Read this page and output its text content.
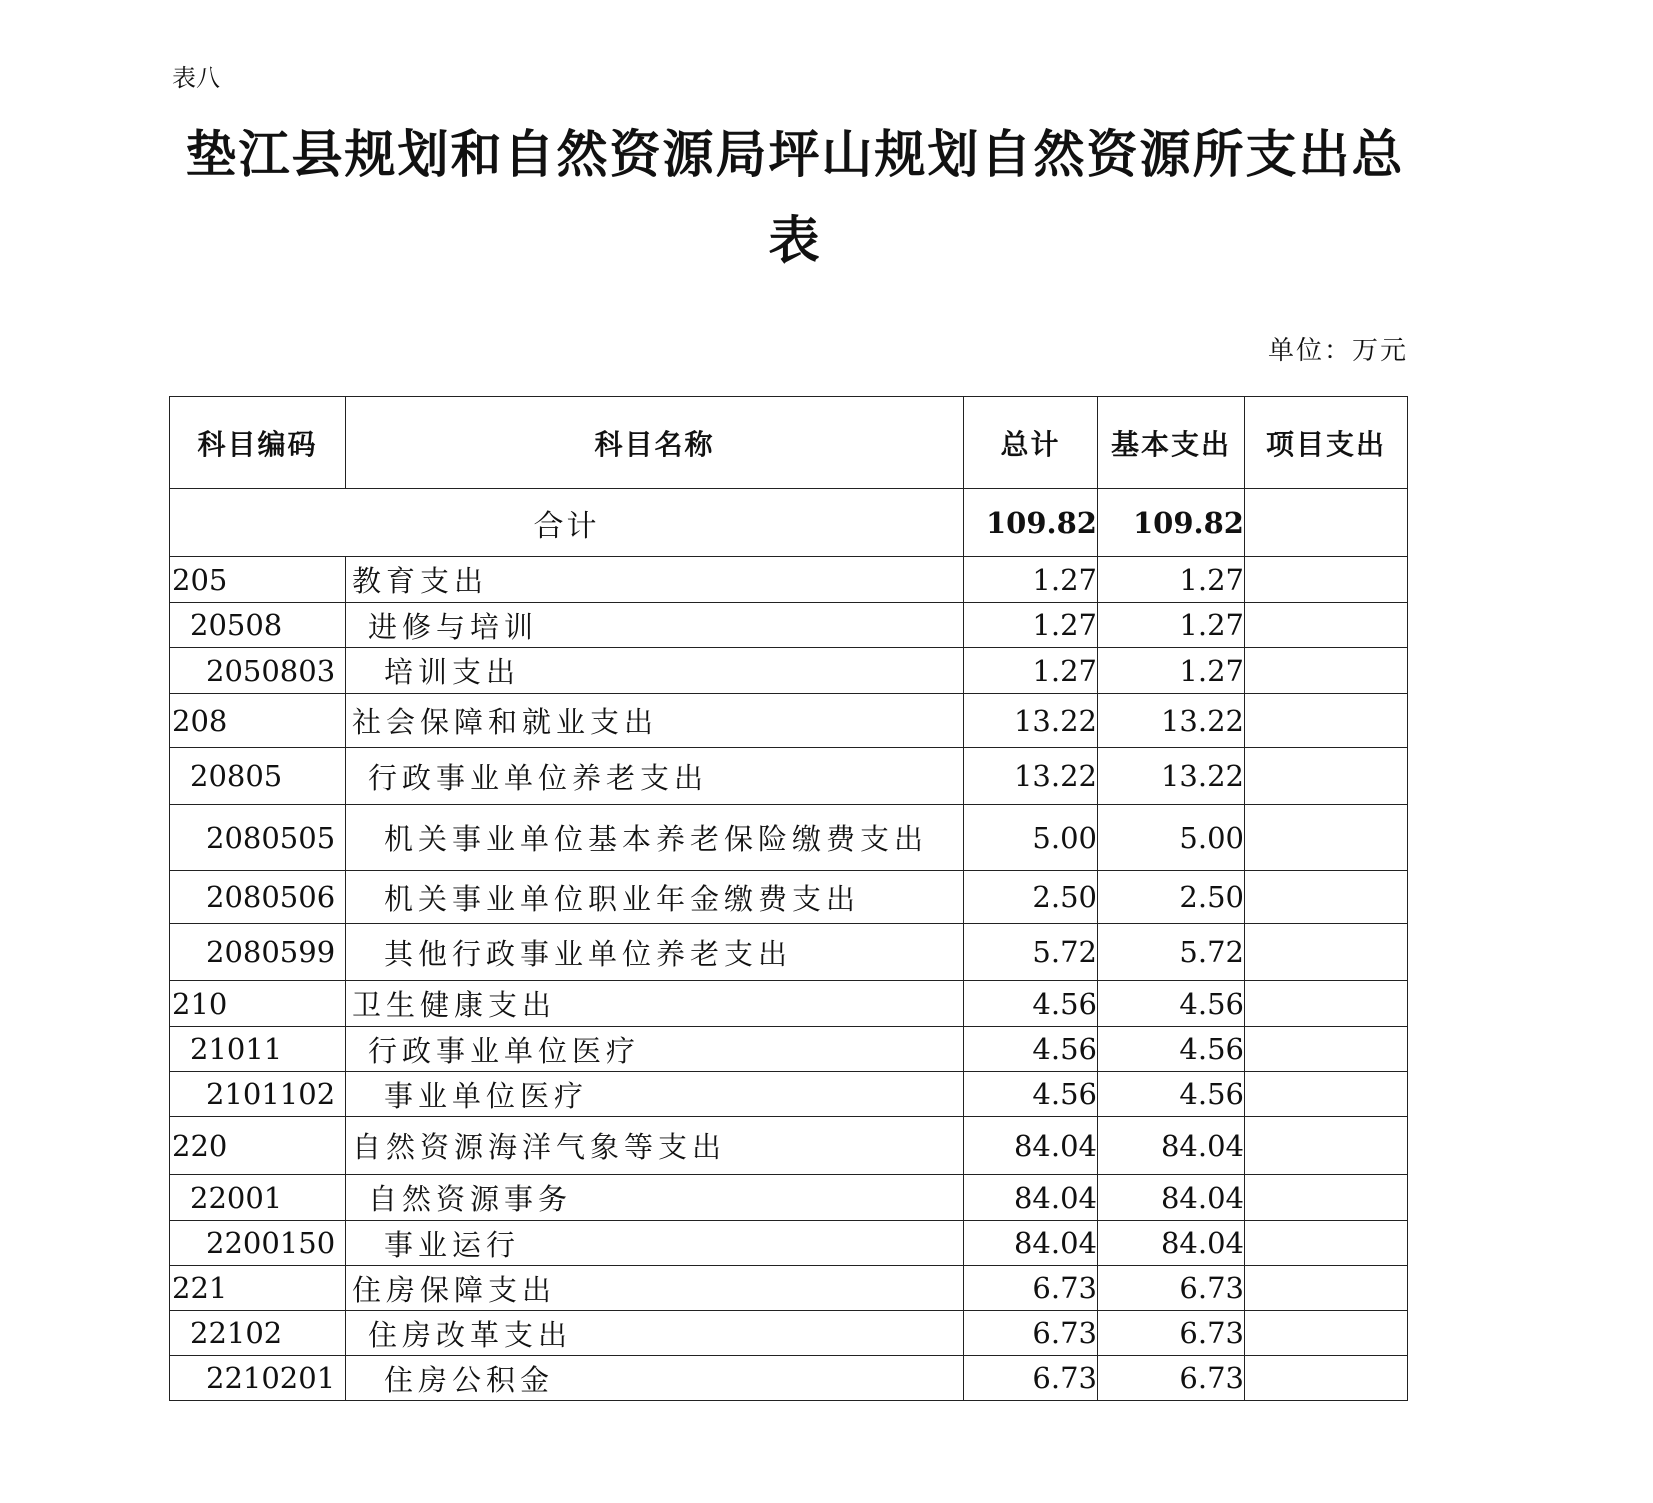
表八
垫江县规划和自然资源局坪山规划自然资源所支出总
表
单位：万元
科目编码	科目名称	总计	基本支出	项目支出
合计		109.82	109.82	
205	教育支出	1.27	1.27	
20508	进修与培训	1.27	1.27	
2050803	培训支出	1.27	1.27	
208	社会保障和就业支出	13.22	13.22	
20805	行政事业单位养老支出	13.22	13.22	
2080505	机关事业单位基本养老保险缴费支出	5.00	5.00	
2080506	机关事业单位职业年金缴费支出	2.50	2.50	
2080599	其他行政事业单位养老支出	5.72	5.72	
210	卫生健康支出	4.56	4.56	
21011	行政事业单位医疗	4.56	4.56	
2101102	事业单位医疗	4.56	4.56	
220	自然资源海洋气象等支出	84.04	84.04	
22001	自然资源事务	84.04	84.04	
2200150	事业运行	84.04	84.04	
221	住房保障支出	6.73	6.73	
22102	住房改革支出	6.73	6.73	
2210201	住房公积金	6.73	6.73	
